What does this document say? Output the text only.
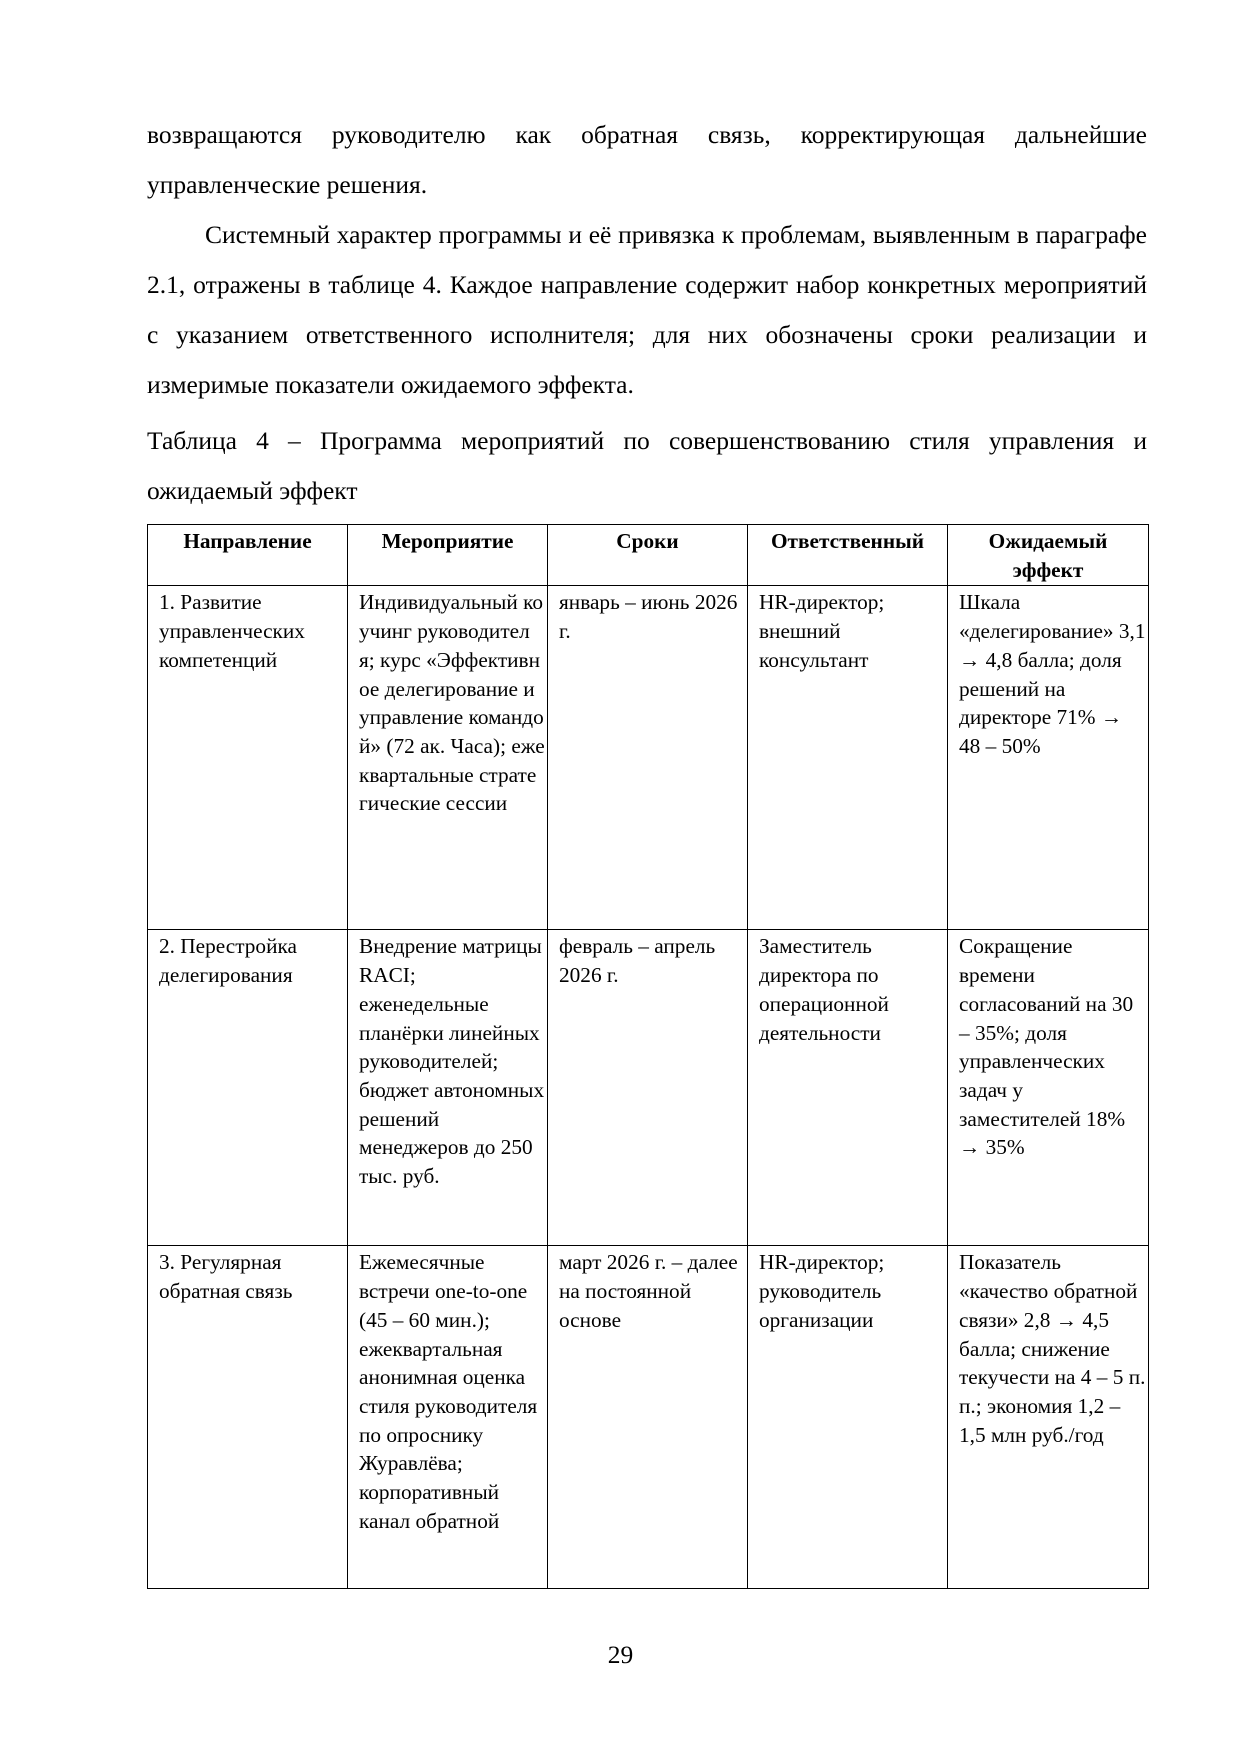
возвращаются руководителю как обратная связь, корректирующая дальнейшие управленческие решения.

Системный характер программы и её привязка к проблемам, выявленным в параграфе 2.1, отражены в таблице 4. Каждое направление содержит набор конкретных мероприятий с указанием ответственного исполнителя; для них обозначены сроки реализации и измеримые показатели ожидаемого эффекта.

Таблица 4 – Программа мероприятий по совершенствованию стиля управления и ожидаемый эффект

Направление	Мероприятие	Сроки	Ответственный	Ожидаемый эффект
1. Развитие управленческих компетенций	Индивидуальный коучинг руководителя; курс «Эффективное делегирование и управление командой» (72 ак. Часа); ежеквартальные стратегические сессии	январь – июнь 2026 г.	HR-директор; внешний консультант	Шкала «делегирование» 3,1 → 4,8 балла; доля решений на директоре 71% → 48 – 50%
2. Перестройка делегирования	Внедрение матрицы RACI; еженедельные планёрки линейных руководителей; бюджет автономных решений менеджеров до 250 тыс. руб.	февраль – апрель 2026 г.	Заместитель директора по операционной деятельности	Сокращение времени согласований на 30 – 35%; доля управленческих задач у заместителей 18% → 35%
3. Регулярная обратная связь	Ежемесячные встречи one-to-one (45 – 60 мин.); ежеквартальная анонимная оценка стиля руководителя по опроснику Журавлёва; корпоративный канал обратной	март 2026 г. – далее на постоянной основе	HR-директор; руководитель организации	Показатель «качество обратной связи» 2,8 → 4,5 балла; снижение текучести на 4 – 5 п. п.; экономия 1,2 – 1,5 млн руб./год
29
